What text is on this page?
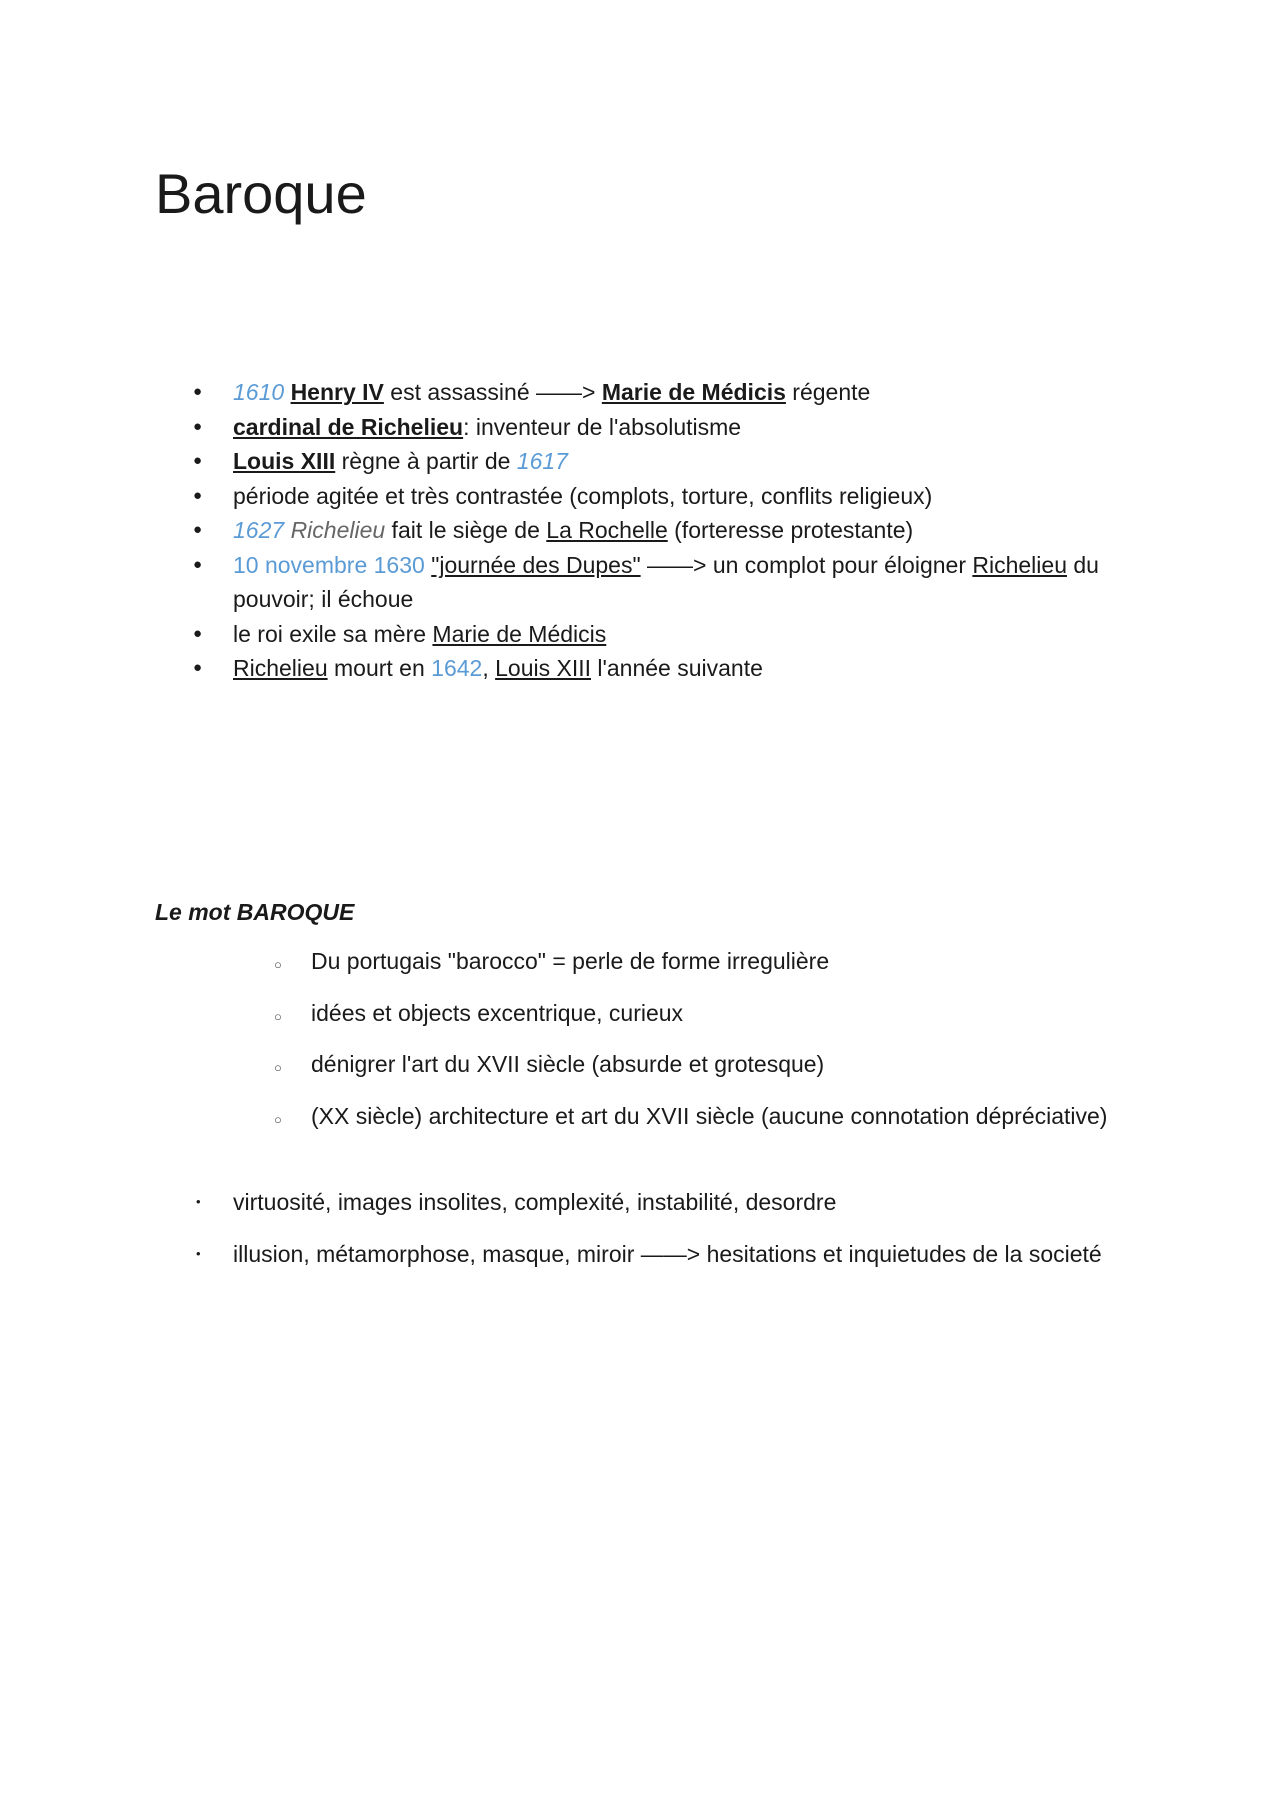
Baroque
● 1610 Henry IV est assassiné ——> Marie de Médicis régente
● cardinal de Richelieu: inventeur de l'absolutisme
● Louis XIII règne à partir de 1617
● période agitée et très contrastée (complots, torture, conflits religieux)
● 1627 Richelieu fait le siège de La Rochelle (forteresse protestante)
● 10 novembre 1630 "journée des Dupes" ——> un complot pour éloigner Richelieu du pouvoir; il échoue
● le roi exile sa mère Marie de Médicis
● Richelieu mourt en 1642, Louis XIII l'année suivante
Le mot BAROQUE
○ Du portugais "barocco" = perle de forme irregulière
○ idées et objects excentrique, curieux
○ dénigrer l'art du XVII siècle (absurde et grotesque)
○ (XX siècle) architecture et art du XVII siècle (aucune connotation dépréciative)
• virtuosité, images insolites, complexité, instabilité, desordre
• illusion, métamorphose, masque, miroir ——> hesitations et inquietudes de la societé
